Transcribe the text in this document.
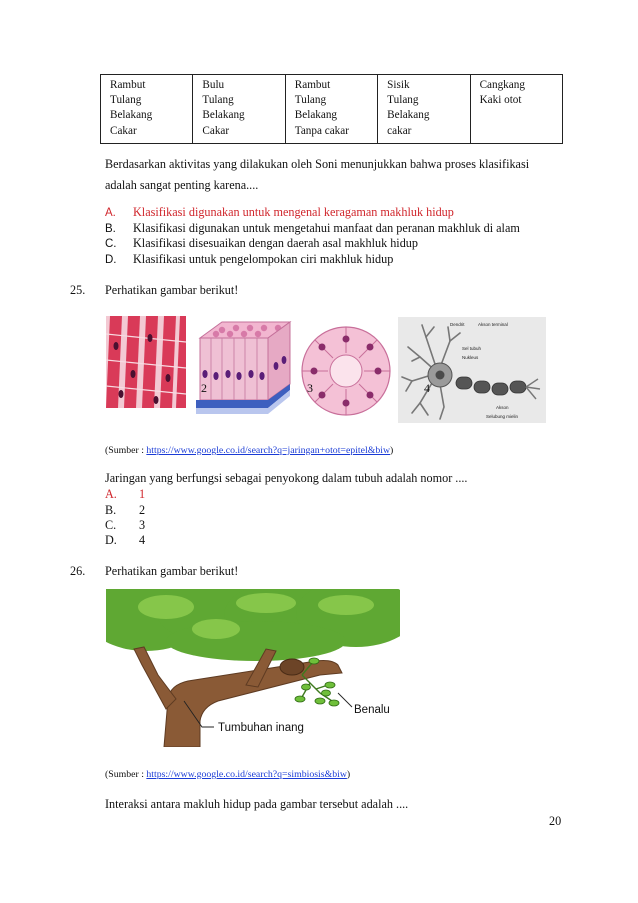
Rambut
Tulang
Belakang
Cakar

Bulu
Tulang
Belakang
Cakar

Rambut
Tulang
Belakang
Tanpa cakar

Sisik
Tulang
Belakang
cakar

Cangkang
Kaki otot
Berdasarkan aktivitas yang dilakukan oleh Soni menunjukkan bahwa proses klasifikasi
adalah sangat penting karena....
A. Klasifikasi digunakan untuk mengenal keragaman makhluk hidup
B. Klasifikasi digunakan untuk mengetahui manfaat dan peranan makhluk di alam
C. Klasifikasi disesuaikan dengan daerah asal makhluk hidup
D. Klasifikasi untuk pengelompokan ciri makhluk hidup
25. Perhatikan gambar berikut!
2	3
Dendrit	Akson terminal
Sel tubuh
Nukleus
Akson
Selubung mielin
4
(Sumber : https://www.google.co.id/search?q=jaringan+otot=epitel&biw)
Jaringan yang berfungsi sebagai penyokong dalam tubuh adalah nomor ....
A. 1
B. 2
C. 3
D. 4
26. Perhatikan gambar berikut!
Benalu
Tumbuhan inang
(Sumber : https://www.google.co.id/search?q=simbiosis&biw)
Interaksi antara makluh hidup pada gambar tersebut adalah ....
20
